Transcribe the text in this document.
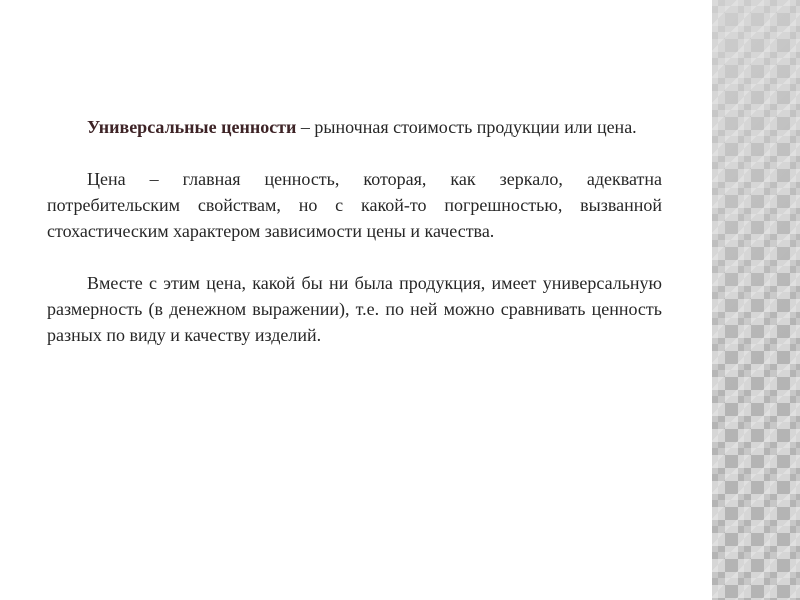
Универсальные ценности – рыночная стоимость продукции или цена.

Цена – главная ценность, которая, как зеркало, адекватна потребительским свойствам, но с какой-то погрешностью, вызванной стохастическим характером зависимости цены и качества.

Вместе с этим цена, какой бы ни была продукция, имеет универсальную размерность (в денежном выражении), т.е. по ней можно сравнивать ценность разных по виду и качеству изделий.
